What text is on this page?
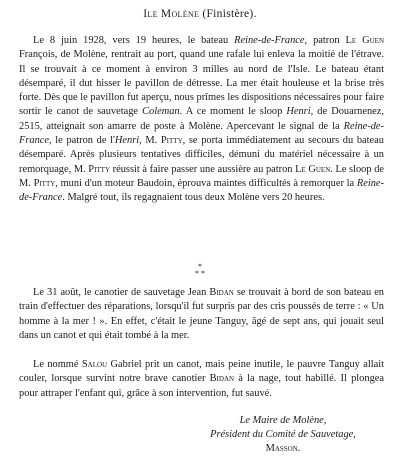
Ile Molène (Finistère).

Le 8 juin 1928, vers 19 heures, le bateau Reine-de-France, patron Le Guen François, de Molène, rentrait au port, quand une rafale lui enleva la moitié de l'étrave. Il se trouvait à ce moment à environ 3 milles au nord de l'Isle. Le bateau étant désemparé, il dut hisser le pavillon de détresse. La mer était houleuse et la brise très forte. Dès que le pavillon fut aperçu, nous prîmes les dispositions nécessaires pour faire sortir le canot de sauvetage Coleman. A ce moment le sloop Henri, de Douarnenez, 2515, atteignait son amarre de poste à Molène. Apercevant le signal de la Reine-de-France, le patron de l'Henri, M. Pitty, se porta immédiatement au secours du bateau désemparé. Après plusieurs tentatives difficiles, démuni du matériel nécessaire à un remorquage, M. Pitty réussit à faire passer une aussière au patron Le Guen. Le sloop de M. Pitty, muni d'un moteur Baudoin, éprouva maintes difficultés à remorquer la Reine-de-France. Malgré tout, ils regagnaient tous deux Molène vers 20 heures.

*
* *

Le 31 août, le canotier de sauvetage Jean Bidan se trouvait à bord de son bateau en train d'effectuer des réparations, lorsqu'il fut surpris par des cris poussés de terre : « Un homme à la mer ! ». En effet, c'était le jeune Tanguy, âgé de sept ans, qui jouait seul dans un canot et qui était tombé à la mer.

Le nommé Salou Gabriel prit un canot, mais peine inutile, le pauvre Tanguy allait couler, lorsque survint notre brave canotier Bidan à la nage, tout habillé. Il plongea pour attraper l'enfant qui, grâce à son intervention, fut sauvé.

Le Maire de Molène,
Président du Comité de Sauvetage,
Masson.
